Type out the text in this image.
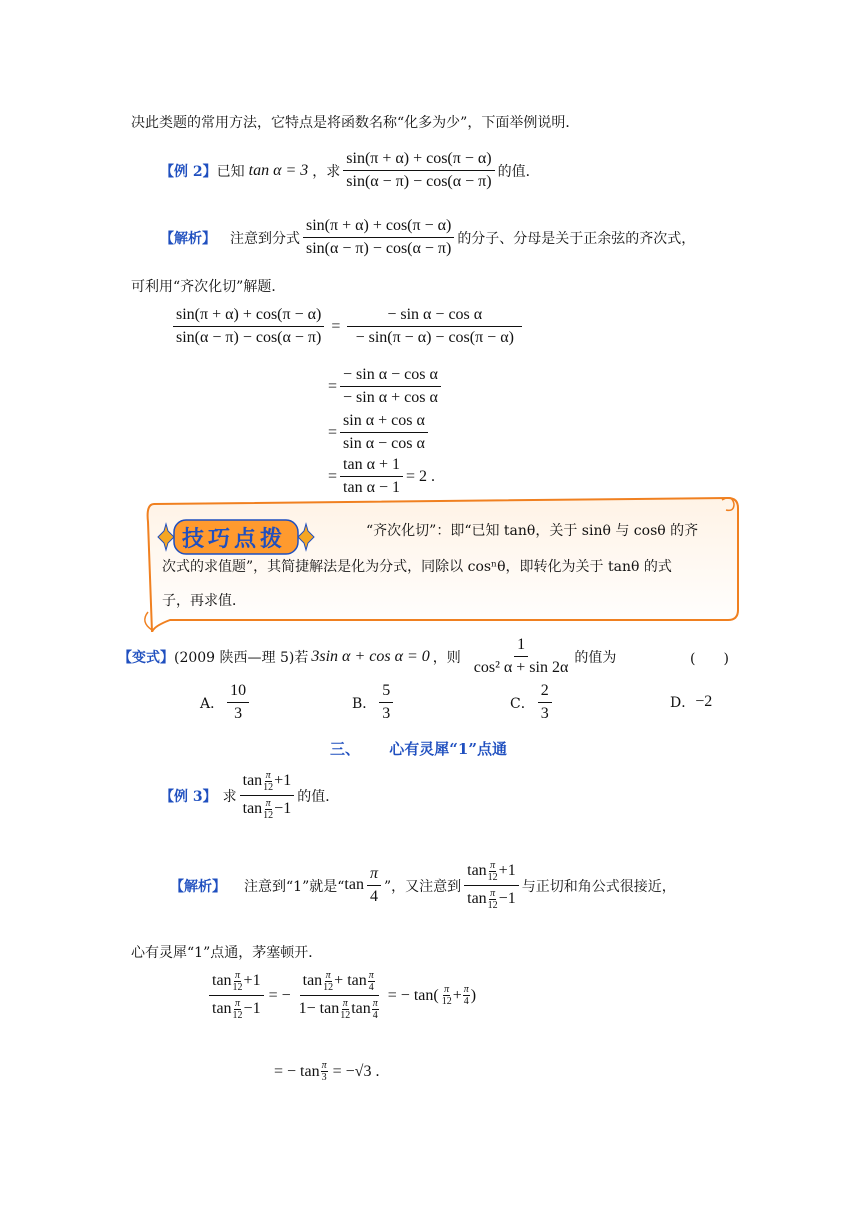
决此类题的常用方法，它特点是将函数名称“化多为少”，下面举例说明．
【例 2】 已知 tan α = 3 ，求 $\frac{\sin(\pi + \alpha) + \cos(\pi - \alpha)}{\sin(\alpha - \pi) - \cos(\alpha - \pi)}$ 的值．
【解析】 注意到分式 $\frac{\sin(\pi + \alpha) + \cos(\pi - \alpha)}{\sin(\alpha - \pi) - \cos(\alpha - \pi)}$ 的分子、分母是关于正余弦的齐次式，
可利用“齐次化切”解题．
$\frac{\sin(\pi + \alpha) + \cos(\pi - \alpha)}{\sin(\alpha - \pi) - \cos(\alpha - \pi)} = \frac{\text{− sin α − cos α}}{- \sin(\pi - \alpha) - \cos(\pi - \alpha)}$
= $\frac{\text{− sin α − cos α}}{\text{− sin α + cos α}}$
= $\frac{\text{sin α + cos α}}{\text{sin α − cos α}}$
= $\frac{\text{tan α + 1}}{\text{tan α − 1}} = 2$ .
技巧点拨	“齐次化切”：即“已知 tanθ，关于 sinθ 与 cosθ 的齐
次式的求值题”，其简捷解法是化为分式，同除以 cosⁿθ，即转化为关于 tanθ 的式
子，再求值．
【变式】 (2009 陕西—理 5) 若 3sin α + cos α = 0 ，则 $\frac{1}{\text{cos² α + sin 2α}}$ 的值为	(　　)
A． $\frac{10}{3}$	B． $\frac{5}{3}$	C． $\frac{2}{3}$	D． −2
三、 心有灵犀“1”点通
【例 3】 求 $\frac{\tan \frac{\pi}{12} +1}{\tan \frac{\pi}{12} -1}$ 的值．
【解析】 注意到“1”就是“ $\tan \frac{\pi}{4}$ ”，又注意到 $\frac{\tan \frac{\pi}{12} +1}{\tan \frac{\pi}{12} -1}$ 与正切和角公式很接近，
心有灵犀“1”点通，茅塞顿开．
$\frac{\tan \frac{\pi}{12} +1}{\tan \frac{\pi}{12} -1}$ = − $\frac{\tan \frac{\pi}{12} + \tan \frac{\pi}{4}}{1- \tan \frac{\pi}{12} \tan \frac{\pi}{4}}$ = − tan( π
12 + π
4 )
= − $\tan \frac{\pi}{3} = -√3$ .
